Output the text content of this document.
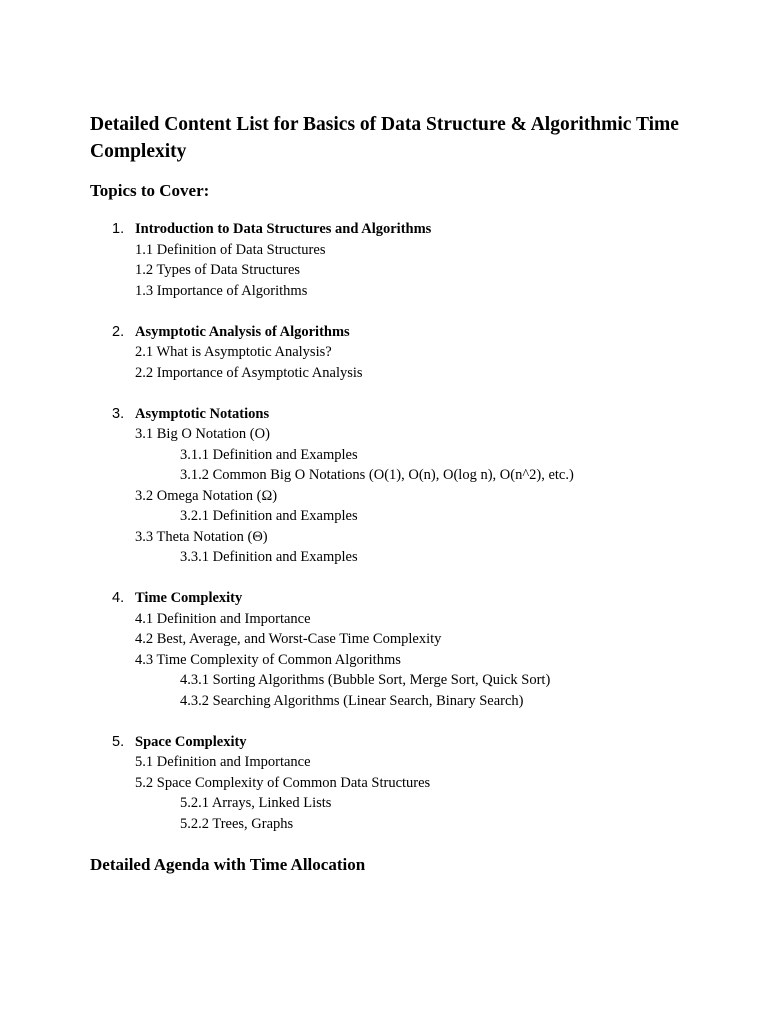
Detailed Content List for Basics of Data Structure & Algorithmic Time Complexity
Topics to Cover:
1. Introduction to Data Structures and Algorithms
1.1 Definition of Data Structures
1.2 Types of Data Structures
1.3 Importance of Algorithms
2. Asymptotic Analysis of Algorithms
2.1 What is Asymptotic Analysis?
2.2 Importance of Asymptotic Analysis
3. Asymptotic Notations
3.1 Big O Notation (O)
3.1.1 Definition and Examples
3.1.2 Common Big O Notations (O(1), O(n), O(log n), O(n^2), etc.)
3.2 Omega Notation (Ω)
3.2.1 Definition and Examples
3.3 Theta Notation (Θ)
3.3.1 Definition and Examples
4. Time Complexity
4.1 Definition and Importance
4.2 Best, Average, and Worst-Case Time Complexity
4.3 Time Complexity of Common Algorithms
4.3.1 Sorting Algorithms (Bubble Sort, Merge Sort, Quick Sort)
4.3.2 Searching Algorithms (Linear Search, Binary Search)
5. Space Complexity
5.1 Definition and Importance
5.2 Space Complexity of Common Data Structures
5.2.1 Arrays, Linked Lists
5.2.2 Trees, Graphs
Detailed Agenda with Time Allocation
